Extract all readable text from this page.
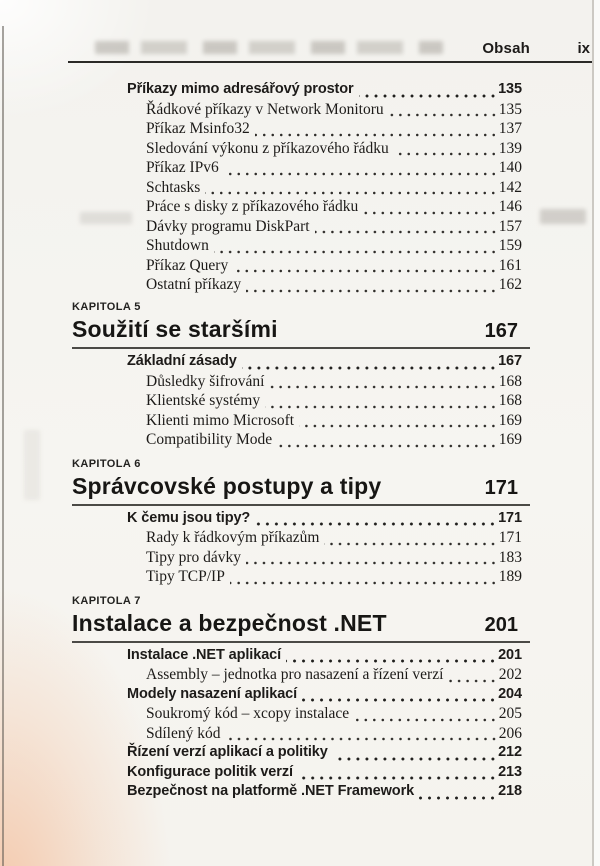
Obsah	ix
Příkazy mimo adresářový prostor	135
Řádkové příkazy v Network Monitoru	135
Příkaz Msinfo32	137
Sledování výkonu z příkazového řádku	139
Příkaz IPv6	140
Schtasks	142
Práce s disky z příkazového řádku	146
Dávky programu DiskPart	157
Shutdown	159
Příkaz Query	161
Ostatní příkazy	162
KAPITOLA 5
Soužití se staršími	167
Základní zásady	167
Důsledky šifrování	168
Klientské systémy	168
Klienti mimo Microsoft	169
Compatibility Mode	169
KAPITOLA 6
Správcovské postupy a tipy	171
K čemu jsou tipy?	171
Rady k řádkovým příkazům	171
Tipy pro dávky	183
Tipy TCP/IP	189
KAPITOLA 7
Instalace a bezpečnost .NET	201
Instalace .NET aplikací	201
Assembly – jednotka pro nasazení a řízení verzí	202
Modely nasazení aplikací	204
Soukromý kód – xcopy instalace	205
Sdílený kód	206
Řízení verzí aplikací a politiky	212
Konfigurace politik verzí	213
Bezpečnost na platformě .NET Framework	218
